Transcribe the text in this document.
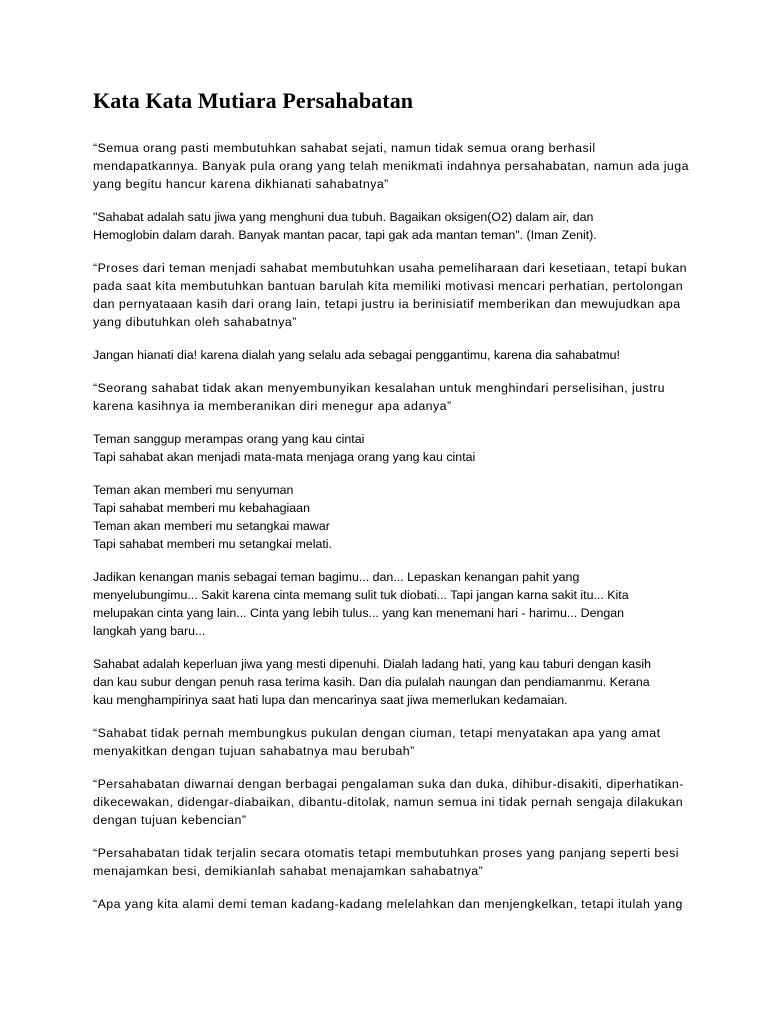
Kata Kata Mutiara Persahabatan

“Semua orang pasti membutuhkan sahabat sejati, namun tidak semua orang berhasil
mendapatkannya. Banyak pula orang yang telah menikmati indahnya persahabatan, namun ada juga
yang begitu hancur karena dikhianati sahabatnya”

"Sahabat adalah satu jiwa yang menghuni dua tubuh. Bagaikan oksigen(O2) dalam air, dan
Hemoglobin dalam darah. Banyak mantan pacar, tapi gak ada mantan teman". (Iman Zenit).

“Proses dari teman menjadi sahabat membutuhkan usaha pemeliharaan dari kesetiaan, tetapi bukan
pada saat kita membutuhkan bantuan barulah kita memiliki motivasi mencari perhatian, pertolongan
dan pernyataaan kasih dari orang lain, tetapi justru ia berinisiatif memberikan dan mewujudkan apa
yang dibutuhkan oleh sahabatnya”

Jangan hianati dia! karena dialah yang selalu ada sebagai penggantimu, karena dia sahabatmu!

“Seorang sahabat tidak akan menyembunyikan kesalahan untuk menghindari perselisihan, justru
karena kasihnya ia memberanikan diri menegur apa adanya”

Teman sanggup merampas orang yang kau cintai
Tapi sahabat akan menjadi mata-mata menjaga orang yang kau cintai

Teman akan memberi mu senyuman
Tapi sahabat memberi mu kebahagiaan
Teman akan memberi mu setangkai mawar
Tapi sahabat memberi mu setangkai melati.

Jadikan kenangan manis sebagai teman bagimu... dan... Lepaskan kenangan pahit yang
menyelubungimu... Sakit karena cinta memang sulit tuk diobati... Tapi jangan karna sakit itu... Kita
melupakan cinta yang lain... Cinta yang lebih tulus... yang kan menemani hari - harimu... Dengan
langkah yang baru...

Sahabat adalah keperluan jiwa yang mesti dipenuhi. Dialah ladang hati, yang kau taburi dengan kasih
dan kau subur dengan penuh rasa terima kasih. Dan dia pulalah naungan dan pendiamanmu. Kerana
kau menghampirinya saat hati lupa dan mencarinya saat jiwa memerlukan kedamaian.

“Sahabat tidak pernah membungkus pukulan dengan ciuman, tetapi menyatakan apa yang amat
menyakitkan dengan tujuan sahabatnya mau berubah”

“Persahabatan diwarnai dengan berbagai pengalaman suka dan duka, dihibur-disakiti, diperhatikan-
dikecewakan, didengar-diabaikan, dibantu-ditolak, namun semua ini tidak pernah sengaja dilakukan
dengan tujuan kebencian”

“Persahabatan tidak terjalin secara otomatis tetapi membutuhkan proses yang panjang seperti besi
menajamkan besi, demikianlah sahabat menajamkan sahabatnya”

“Apa yang kita alami demi teman kadang-kadang melelahkan dan menjengkelkan, tetapi itulah yang
